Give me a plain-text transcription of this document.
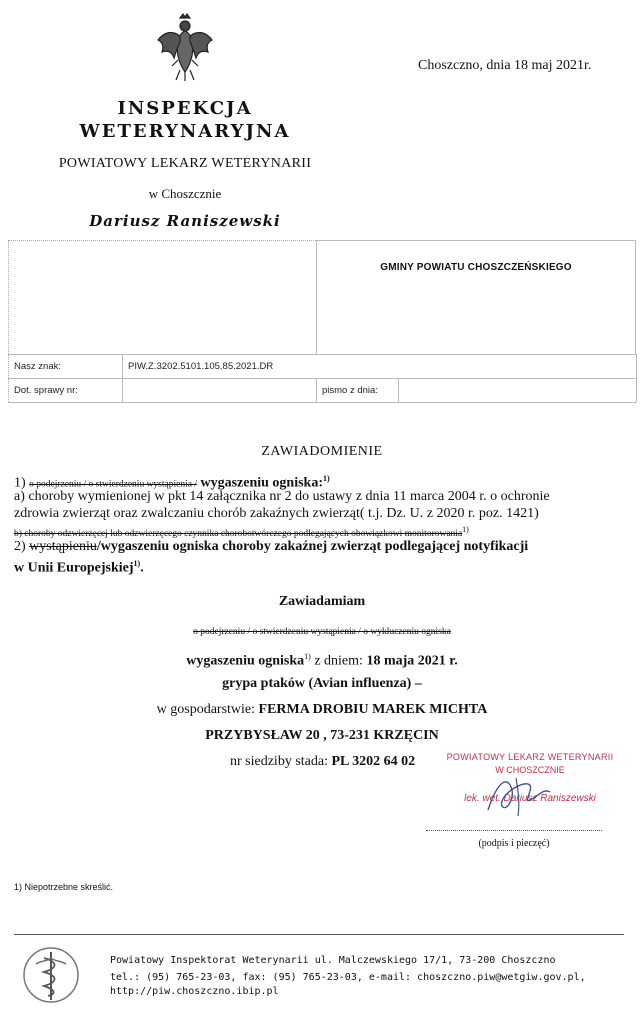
Choszczno, dnia 18 maj 2021r.
INSPEKCJA
WETERYNARYJNA
POWIATOWY LEKARZ WETERYNARII
w Choszcznie
Dariusz Raniszewski
GMINY POWIATU CHOSZCZEŃSKIEGO
Nasz znak:	PIW.Z.3202.5101.105.85.2021.DR
Dot. sprawy nr:	pismo z dnia:
ZAWIADOMIENIE
1) o podejrzeniu / o stwierdzeniu wystąpienia / wygaszeniu ogniska:$^{1)}$
a) choroby wymienionej w pkt 14 załącznika nr 2 do ustawy z dnia 11 marca 2004 r. o ochronie
zdrowia zwierząt oraz zwalczaniu chorób zakaźnych zwierząt( t.j. Dz. U. z 2020 r. poz. 1421)
b) choroby odzwierzęcej lub odzwierzęcego czynnika chorobotwórczego podlegających obowiązkowi monitorowania$^{1)}$
2) wystąpieniu/wygaszeniu ogniska choroby zakaźnej zwierząt podlegającej notyfikacji
w Unii Europejskiej$^{1)}$.
Zawiadamiam
o podejrzeniu / o stwierdzeniu wystąpienia / o wykluczeniu ogniska
wygaszeniu ogniska$^{1)}$ z dniem: 18 maja 2021 r.
grypa ptaków (Avian influenza) –
w gospodarstwie: FERMA DROBIU MAREK MICHTA
PRZYBYSŁAW 20 , 73-231 KRZĘCIN
nr siedziby stada: PL 3202 64 02	POWIATOWY LEKARZ WETERYNARII
W CHOSZCZNIE
lek. wet. Dariusz Raniszewski
(podpis i pieczęć)
1) Niepotrzebne skreślić.
Powiatowy Inspektorat Weterynarii ul. Malczewskiego 17/1, 73-200 Choszczno
tel.: (95) 765-23-03, fax: (95) 765-23-03, e-mail: choszczno.piw@wetgiw.gov.pl,
http://piw.choszczno.ibip.pl
